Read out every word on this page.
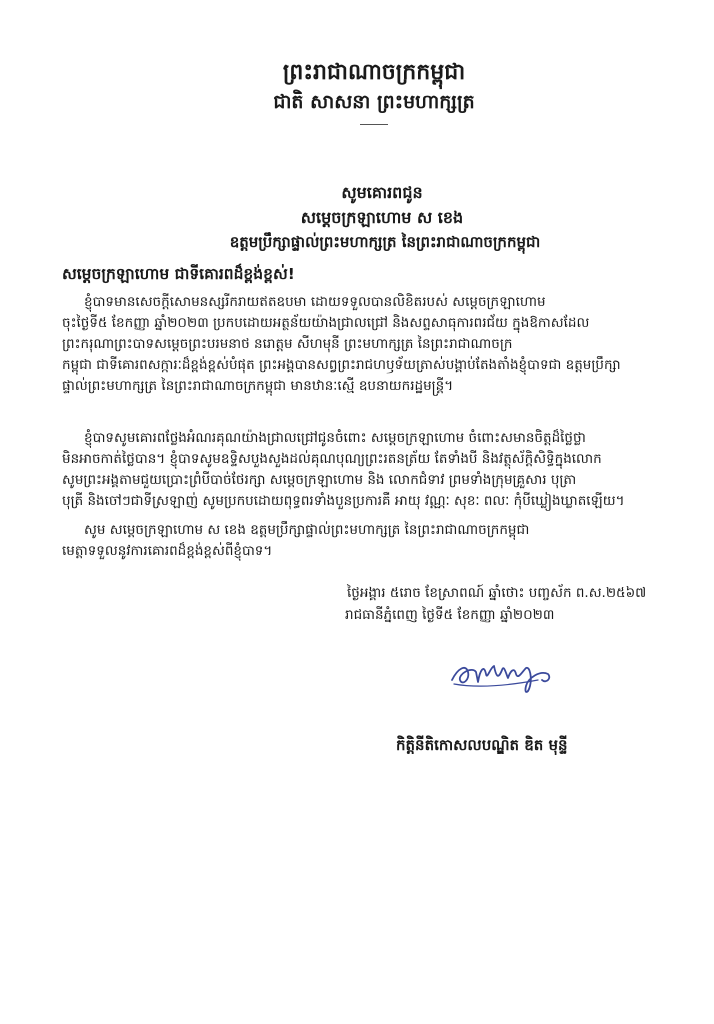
ព្រះរាជាណាចក្រកម្ពុជា
ជាតិ សាសនា ព្រះមហាក្សត្រ
សូមគោរពជូន
សម្តេចក្រឡាហោម ស ខេង
ឧត្តមប្រឹក្សាផ្ទាល់ព្រះមហាក្សត្រ នៃព្រះរាជាណាចក្រកម្ពុជា
សម្តេចក្រឡាហោម ជាទីគោរពដ៏ខ្ពង់ខ្ពស់!
ខ្ញុំបាទមានសេចក្តីសោមនស្សរីករាយឥតឧបមា ដោយទទួលបានលិខិតរបស់ សម្តេចក្រឡាហោម
ចុះថ្ងៃទី៥ ខែកញ្ញា ឆ្នាំ២០២៣ ប្រកបដោយអត្ថន័យយ៉ាងជ្រាលជ្រៅ និងសព្ទសាធុការពរជ័យ ក្នុងឱកាសដែល
ព្រះករុណាព្រះបាទសម្តេចព្រះបរមនាថ នរោត្តម សីហមុនី ព្រះមហាក្សត្រ នៃព្រះរាជាណាចក្រ
កម្ពុជា ជាទីគោរពសក្ការៈដ៏ខ្ពង់ខ្ពស់បំផុត ព្រះអង្គបានសព្វព្រះរាជហឫទ័យត្រាស់បង្គាប់តែងតាំងខ្ញុំបាទជា ឧត្តមប្រឹក្សា
ផ្ទាល់ព្រះមហាក្សត្រ នៃព្រះរាជាណាចក្រកម្ពុជា មានឋានៈស្មើ ឧបនាយករដ្ឋមន្ត្រី។
ខ្ញុំបាទសូមគោរពថ្លែងអំណរគុណយ៉ាងជ្រាលជ្រៅជូនចំពោះ សម្តេចក្រឡាហោម ចំពោះសមានចិត្តដ៏ថ្លៃថ្លា
មិនអាចកាត់ថ្លៃបាន។ ខ្ញុំបាទសូមឧទ្ទិសបួងសួងដល់គុណបុណ្យព្រះរតនត្រ័យ តែទាំងបី និងវត្ថុស័ក្តិសិទ្ធិក្នុងលោក
សូមព្រះអង្គតាមជួយប្រោះព្រំបីបាច់ថែរក្សា សម្តេចក្រឡាហោម និង លោកជំទាវ ព្រមទាំងក្រុមគ្រួសារ បុត្រា
បុត្រី និងចៅៗជាទីស្រឡាញ់ សូមប្រកបដោយពុទ្ធពរទាំងបួនប្រការគឺ អាយុ វណ្ណៈ សុខៈ ពលៈ កុំបីឃ្លៀងឃ្លាតឡើយ។
សូម សម្តេចក្រឡាហោម ស ខេង ឧត្តមប្រឹក្សាផ្ទាល់ព្រះមហាក្សត្រ នៃព្រះរាជាណាចក្រកម្ពុជា
មេត្តាទទួលនូវការគោរពដ៏ខ្ពង់ខ្ពស់ពីខ្ញុំបាទ។
ថ្ងៃអង្គារ ៥រោច ខែស្រាពណ៍ ឆ្នាំថោះ បញ្ចស័ក ព.ស.២៥៦៧
រាជធានីភ្នំពេញ ថ្ងៃទី៥ ខែកញ្ញា ឆ្នាំ២០២៣
កិត្តិនីតិកោសលបណ្ឌិត ឌិត មុន្ទី
